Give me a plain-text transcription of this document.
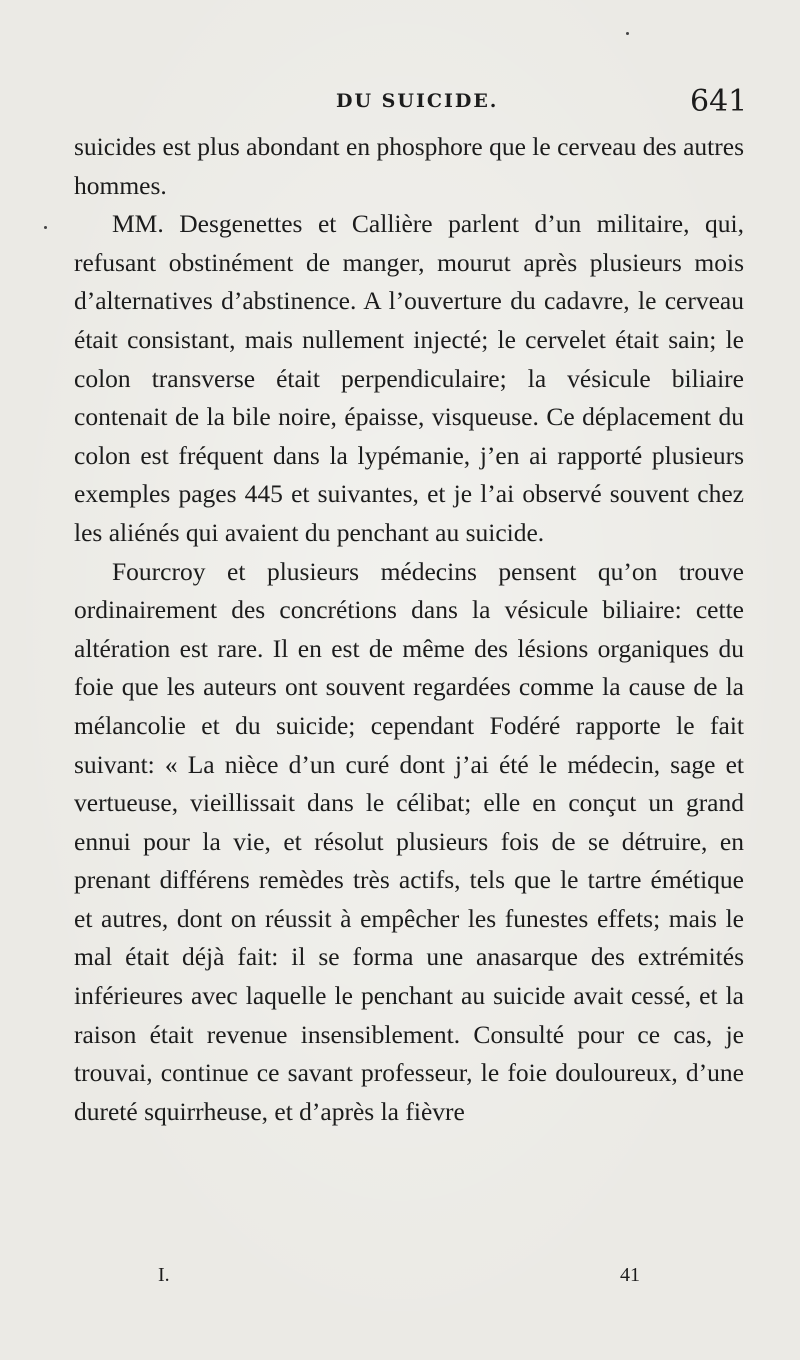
DU SUICIDE.	641

suicides est plus abondant en phosphore que le cerveau des autres hommes.

MM. Desgenettes et Callière parlent d’un militaire, qui, refusant obstinément de manger, mourut après plusieurs mois d’alternatives d’abstinence. A l’ouverture du cadavre, le cerveau était consistant, mais nullement injecté; le cervelet était sain; le colon transverse était perpendiculaire; la vésicule biliaire contenait de la bile noire, épaisse, visqueuse. Ce déplacement du colon est fréquent dans la lypémanie, j’en ai rapporté plusieurs exemples pages 445 et suivantes, et je l’ai observé souvent chez les aliénés qui avaient du penchant au suicide.

Fourcroy et plusieurs médecins pensent qu’on trouve ordinairement des concrétions dans la vésicule biliaire: cette altération est rare. Il en est de même des lésions organiques du foie que les auteurs ont souvent regardées comme la cause de la mélancolie et du suicide; cependant Fodéré rapporte le fait suivant: « La nièce d’un curé dont j’ai été le médecin, sage et vertueuse, vieillissait dans le célibat; elle en conçut un grand ennui pour la vie, et résolut plusieurs fois de se détruire, en prenant différens remèdes très actifs, tels que le tartre émétique et autres, dont on réussit à empêcher les funestes effets; mais le mal était déjà fait: il se forma une anasarque des extrémités inférieures avec laquelle le penchant au suicide avait cessé, et la raison était revenue insensiblement. Consulté pour ce cas, je trouvai, continue ce savant professeur, le foie douloureux, d’une dureté squirrheuse, et d’après la fièvre

I.	41
